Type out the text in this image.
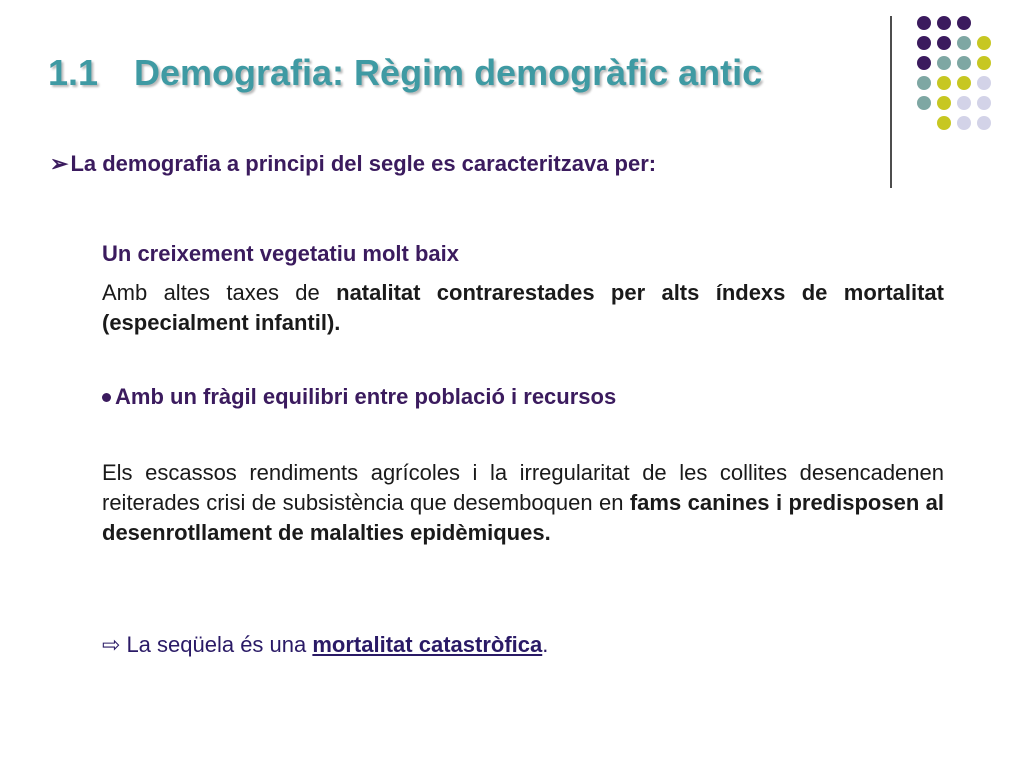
1.1 Demografia: Règim demogràfic antic
➢La demografia a principi del segle es caracteritzava per:
Un creixement vegetatiu molt baix
Amb altes taxes de natalitat contrarestades per alts índexs de mortalitat (especialment infantil).
Amb un fràgil equilibri entre població i recursos
Els escassos rendiments agrícoles i la irregularitat de les collites desencadenen reiterades crisi de subsistència que desemboquen en fams canines i predisposen al desenrotllament de malalties epidèmiques.
⇨ La seqüela és una mortalitat catastròfica.
